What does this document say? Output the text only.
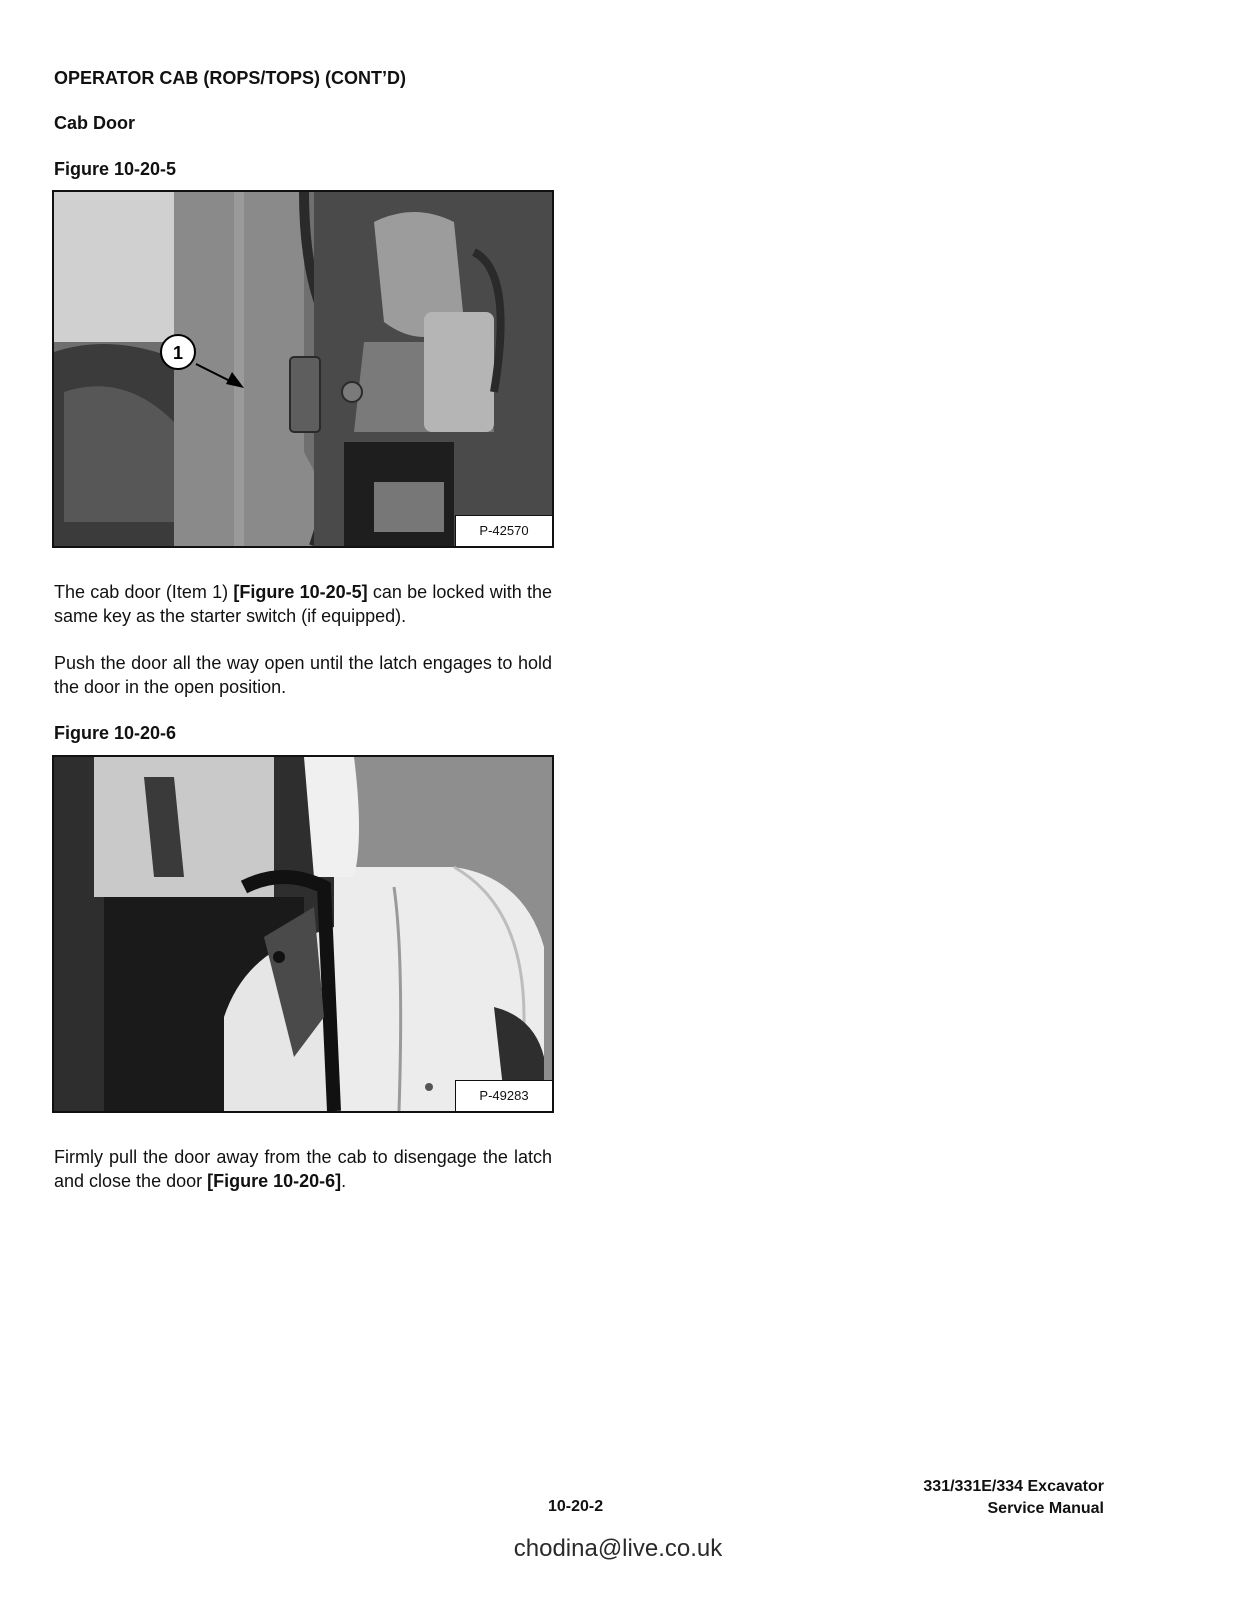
OPERATOR CAB (ROPS/TOPS) (CONT’D)
Cab Door
Figure 10-20-5
1
P-42570
The cab door (Item 1) [Figure 10-20-5] can be locked with the same key as the starter switch (if equipped).
Push the door all the way open until the latch engages to hold the door in the open position.
Figure 10-20-6
P-49283
Firmly pull the door away from the cab to disengage the latch and close the door [Figure 10-20-6].
331/331E/334 Excavator
Service Manual
10-20-2
chodina@live.co.uk
